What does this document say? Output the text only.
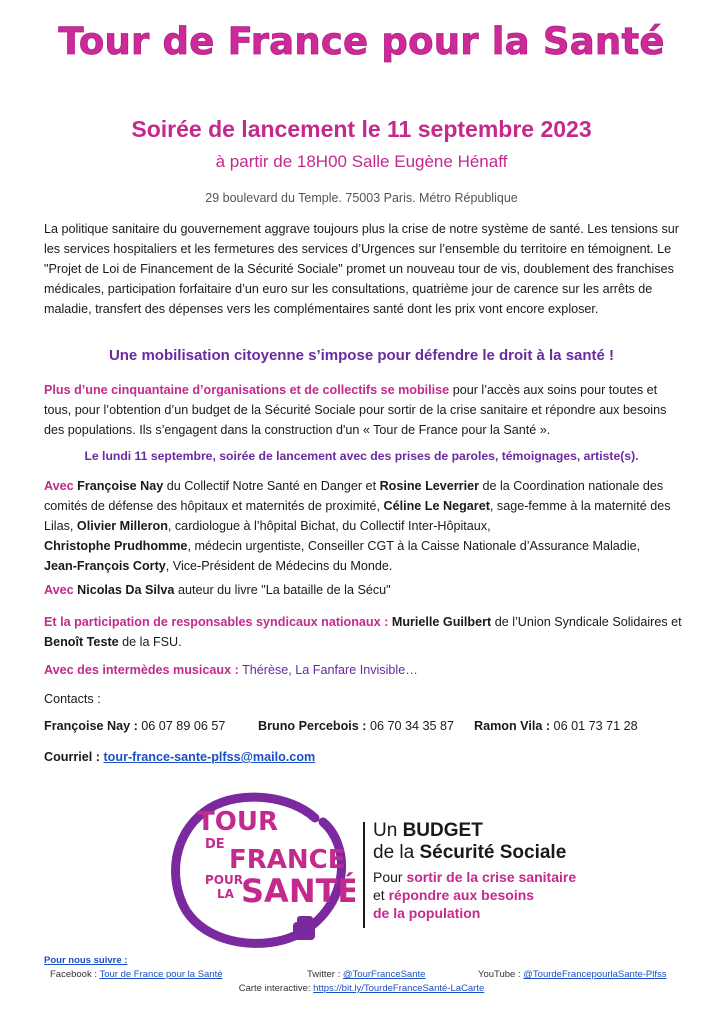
Tour de France pour la Santé
Soirée de lancement le 11 septembre 2023
à partir de 18H00 Salle Eugène Hénaff
29 boulevard du Temple. 75003 Paris. Métro République
La politique sanitaire du gouvernement aggrave toujours plus la crise de notre système de santé. Les tensions sur les services hospitaliers et les fermetures des services d’Urgences sur l’ensemble du territoire en témoignent. Le "Projet de Loi de Financement de la Sécurité Sociale" promet un nouveau tour de vis, doublement des franchises médicales, participation forfaitaire d’un euro sur les consultations, quatrième jour de carence sur les arrêts de maladie, transfert des dépenses vers les complémentaires santé dont les prix vont encore exploser.
Une mobilisation citoyenne s’impose pour défendre le droit à la santé !
Plus d’une cinquantaine d’organisations et de collectifs se mobilise pour l’accès aux soins pour toutes et tous, pour l’obtention d’un budget de la Sécurité Sociale pour sortir de la crise sanitaire et répondre aux besoins des populations. Ils s’engagent dans la construction d'un « Tour de France pour la Santé ».
Le lundi 11 septembre, soirée de lancement avec des prises de paroles, témoignages, artiste(s).
Avec Françoise Nay du Collectif Notre Santé en Danger et Rosine Leverrier de la Coordination nationale des comités de défense des hôpitaux et maternités de proximité, Céline Le Negaret, sage-femme à la maternité des Lilas, Olivier Milleron, cardiologue à l’hôpital Bichat, du Collectif Inter-Hôpitaux,
Christophe Prudhomme, médecin urgentiste, Conseiller CGT à la Caisse Nationale d’Assurance Maladie,
Jean-François Corty, Vice-Président de Médecins du Monde.
Avec Nicolas Da Silva auteur du livre "La bataille de la Sécu"
Et la participation de responsables syndicaux nationaux : Murielle Guilbert de l’Union Syndicale Solidaires et Benoît Teste de la FSU.
Avec des intermèdes musicaux : Thérèse, La Fanfare Invisible…
Contacts :
Françoise Nay : 06 07 89 06 57	Bruno Percebois : 06 70 34 35 87 Ramon Vila : 06 01 73 71 28
Courriel : tour-france-sante-plfss@mailo.com
TOUR
DE
FRANCE
POUR
LA SANTÉ
Un BUDGET
de la Sécurité Sociale
Pour sortir de la crise sanitaire
et répondre aux besoins
de la population
Pour nous suivre :
Facebook : Tour de France pour la Santé	Twitter : @TourFranceSante	YouTube : @TourdeFrancepourlaSante-Plfss
Carte interactive: https://bit.ly/TourdeFranceSanté-LaCarte
